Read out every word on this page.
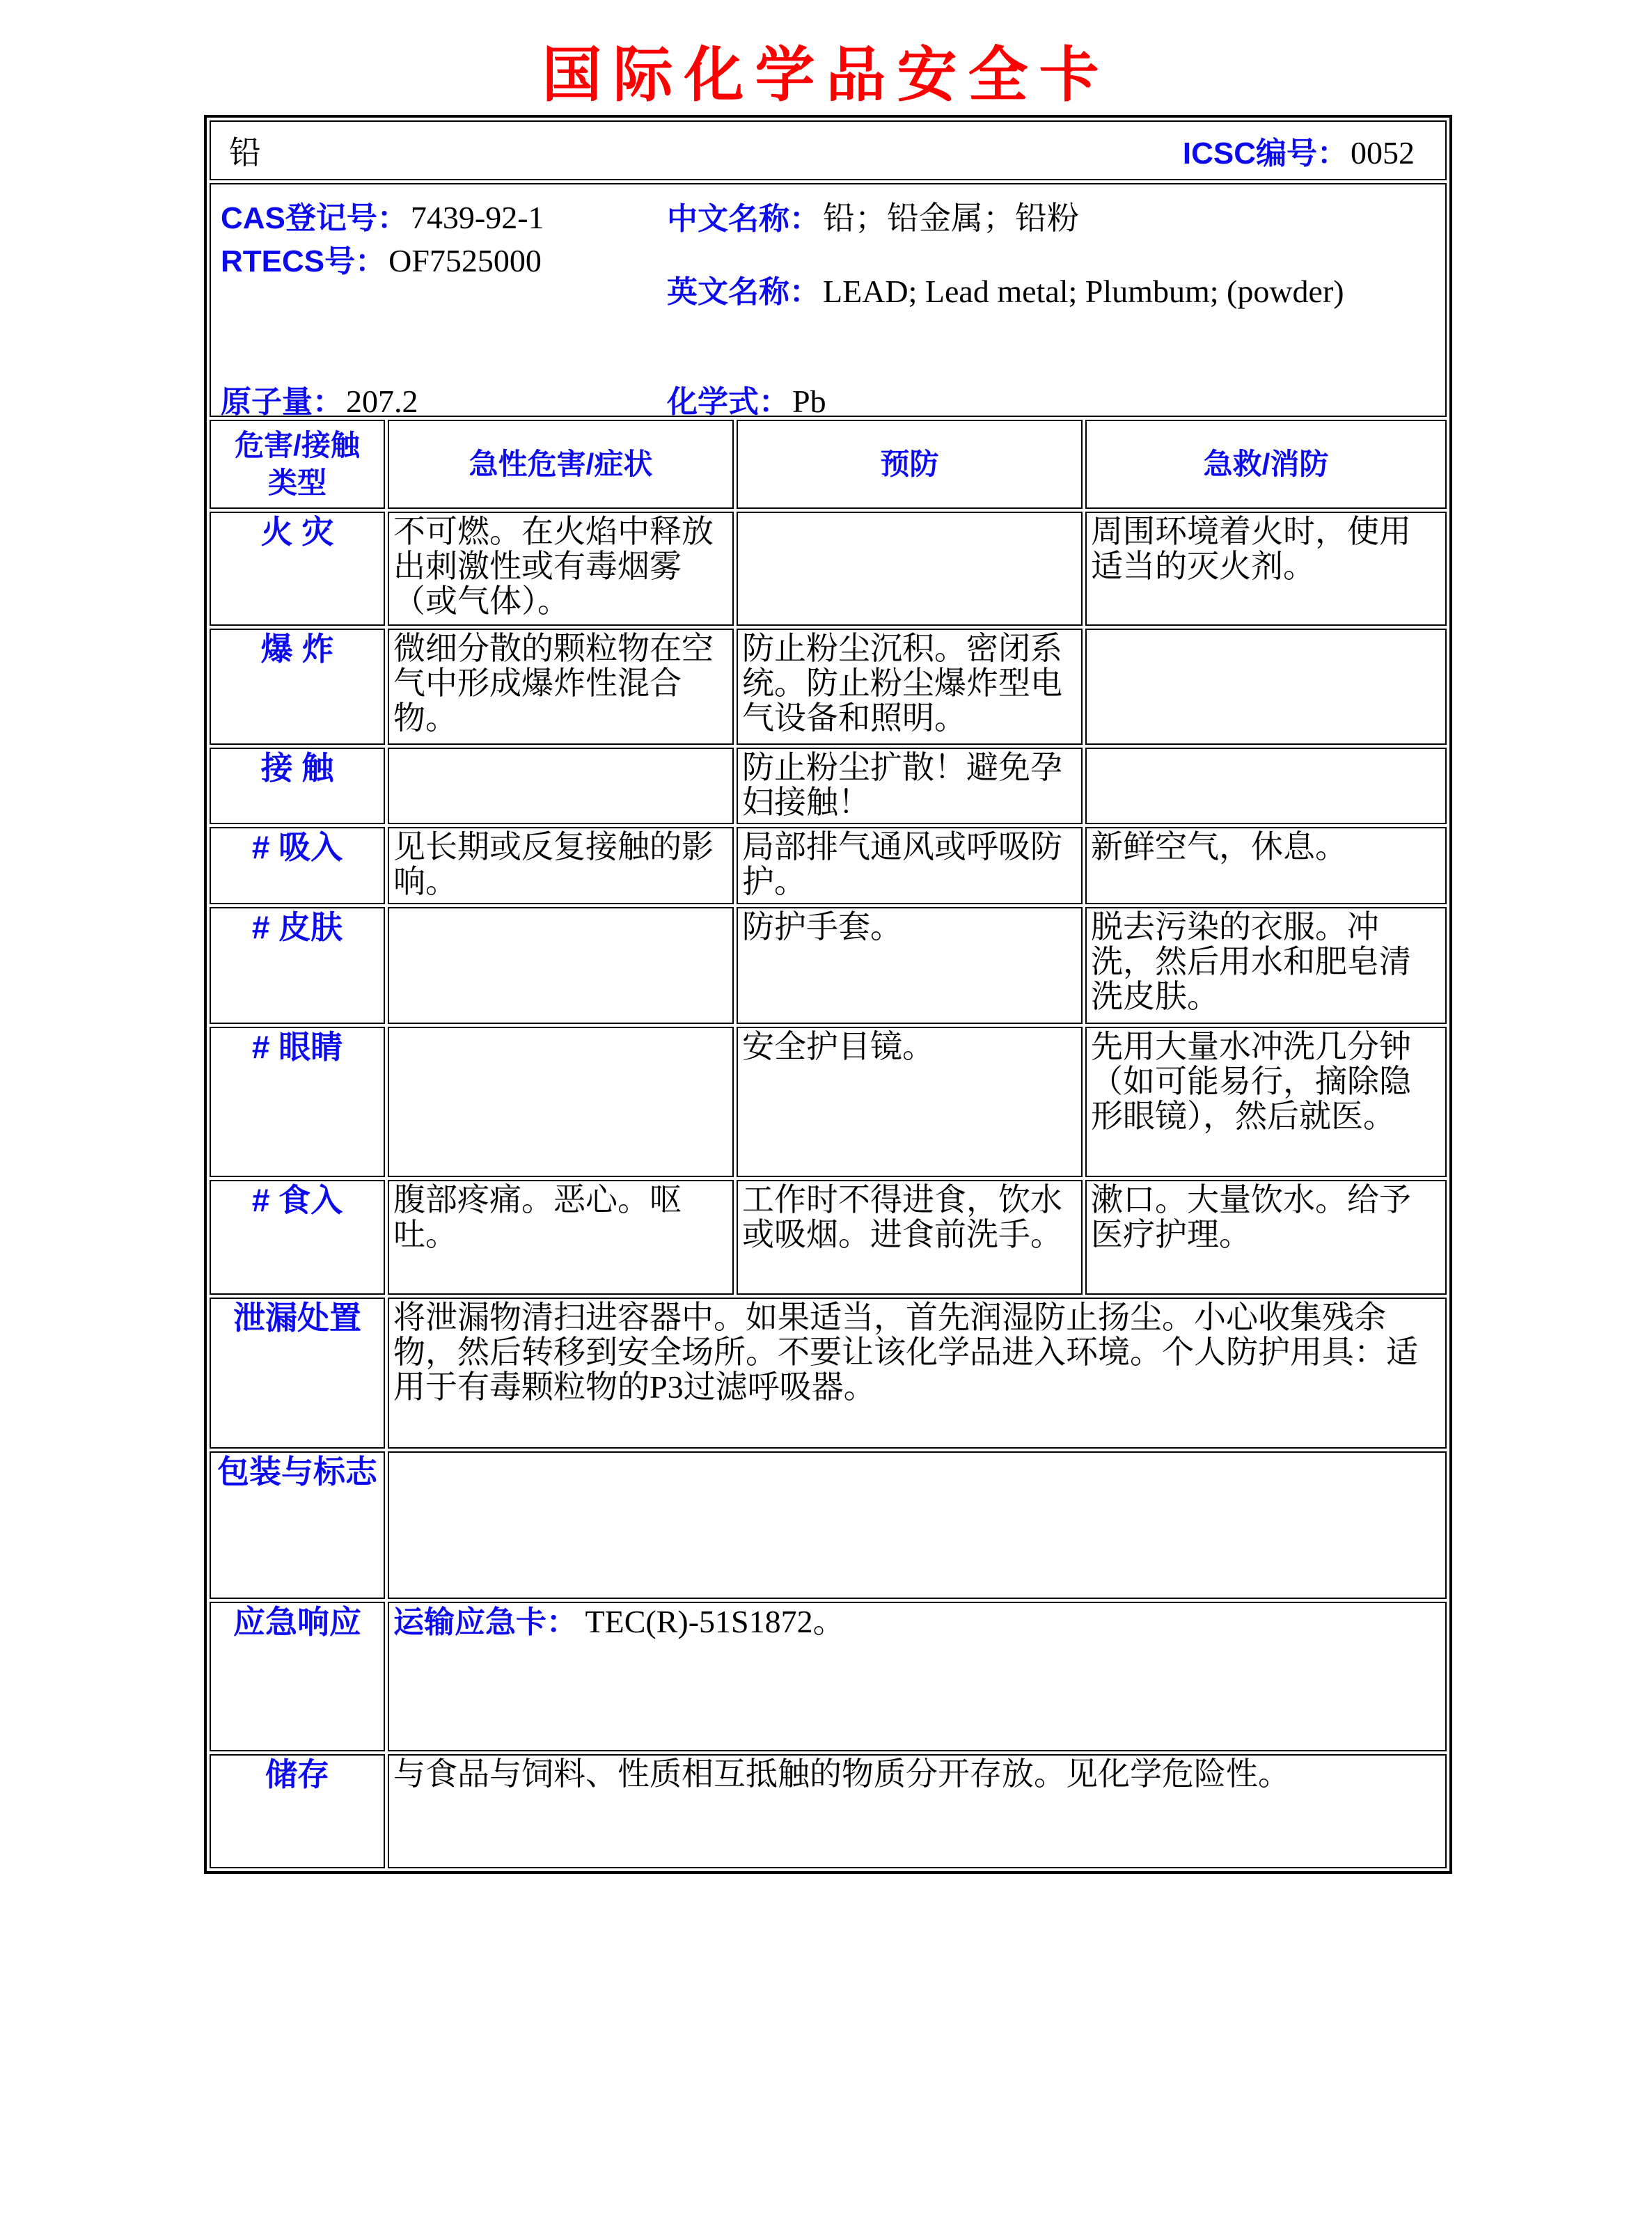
国际化学品安全卡
铅	ICSC编号： 0052
CAS登记号： 7439-92-1	中文名称： 铅；铅金属；铅粉
RTECS号： OF7525000
英文名称： LEAD; Lead metal; Plumbum; (powder)
原子量： 207.2	化学式： Pb
危害/接触
类型	急性危害/症状	预防	急救/消防
火 灾	不可燃。在火焰中释放出刺激性或有毒烟雾（或气体）。		周围环境着火时，使用适当的灭火剂。
爆 炸	微细分散的颗粒物在空气中形成爆炸性混合物。	防止粉尘沉积。密闭系统。防止粉尘爆炸型电气设备和照明。	
接 触		防止粉尘扩散！避免孕妇接触！	
# 吸入	见长期或反复接触的影响。	局部排气通风或呼吸防护。	新鲜空气，休息。
# 皮肤		防护手套。	脱去污染的衣服。冲洗，然后用水和肥皂清洗皮肤。
# 眼睛		安全护目镜。	先用大量水冲洗几分钟（如可能易行，摘除隐形眼镜），然后就医。
# 食入	腹部疼痛。恶心。呕吐。	工作时不得进食，饮水或吸烟。进食前洗手。	漱口。大量饮水。给予医疗护理。
泄漏处置	将泄漏物清扫进容器中。如果适当，首先润湿防止扬尘。小心收集残余物，然后转移到安全场所。不要让该化学品进入环境。个人防护用具：适用于有毒颗粒物的P3过滤呼吸器。		
包装与标志			
应急响应	运输应急卡： TEC(R)-51S1872。		
储存	与食品与饲料、性质相互抵触的物质分开存放。见化学危险性。		
